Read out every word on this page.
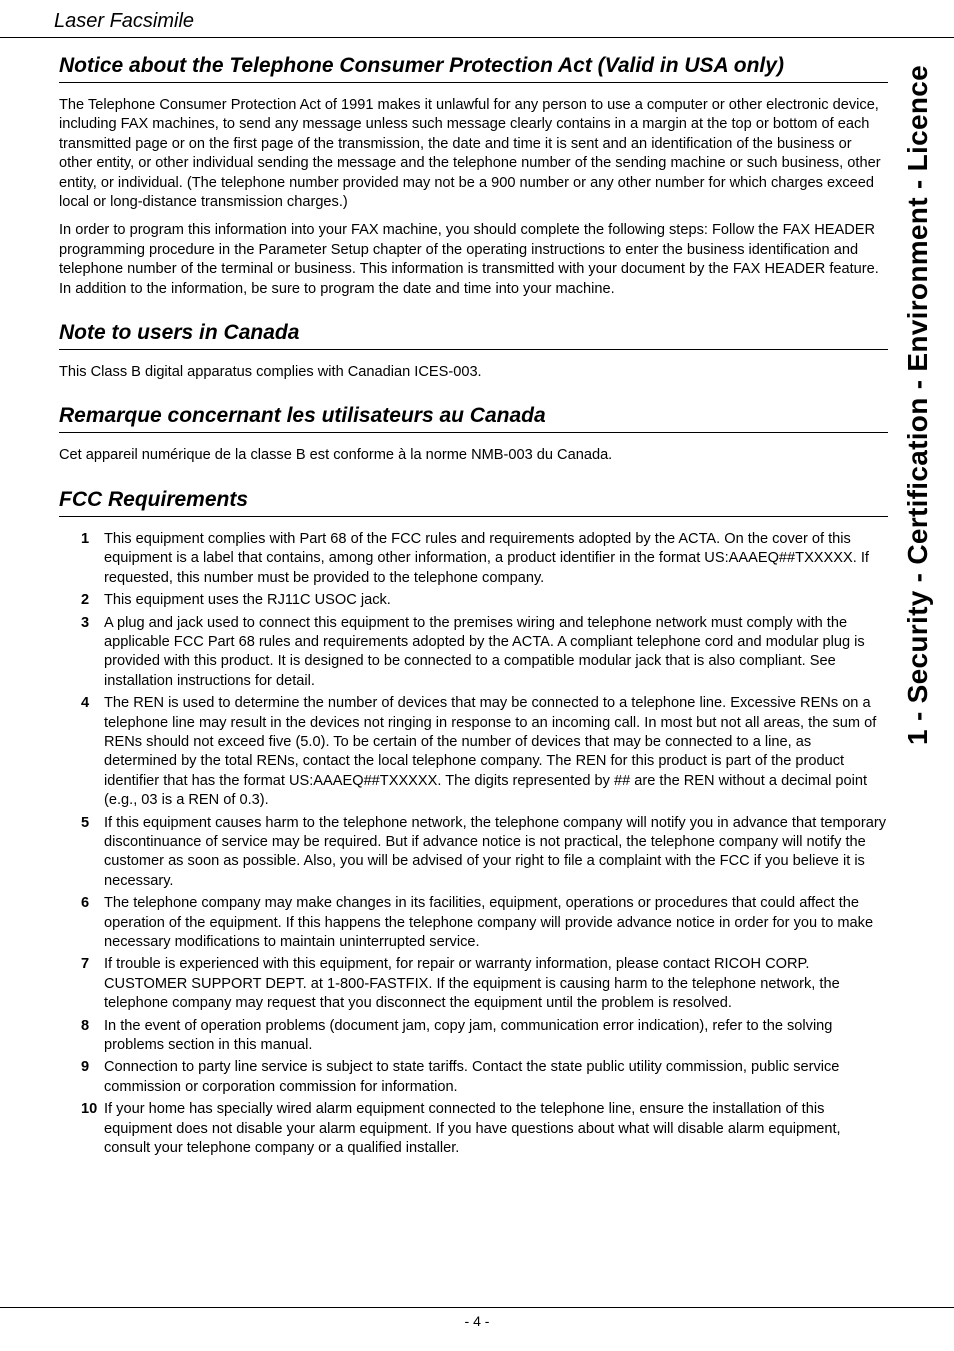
Laser Facsimile
1 - Security - Certification - Environment - Licence
Notice about the Telephone Consumer Protection Act (Valid in USA only)

The Telephone Consumer Protection Act of 1991 makes it unlawful for any person to use a computer or other electronic device, including FAX machines, to send any message unless such message clearly contains in a margin at the top or bottom of each transmitted page or on the first page of the transmission, the date and time it is sent and an identification of the business or other entity, or other individual sending the message and the telephone number of the sending machine or such business, other entity, or individual. (The telephone number provided may not be a 900 number or any other number for which charges exceed local or long-distance transmission charges.)

In order to program this information into your FAX machine, you should complete the following steps: Follow the FAX HEADER programming procedure in the Parameter Setup chapter of the operating instructions to enter the business identification and telephone number of the terminal or business. This information is transmitted with your document by the FAX HEADER feature. In addition to the information, be sure to program the date and time into your machine.

Note to users in Canada

This Class B digital apparatus complies with Canadian ICES-003.

Remarque concernant les utilisateurs au Canada

Cet appareil numérique de la classe B est conforme à la norme NMB-003 du Canada.

FCC Requirements
1	This equipment complies with Part 68 of the FCC rules and requirements adopted by the ACTA. On the cover of this equipment is a label that contains, among other information, a product identifier in the format US:AAAEQ##TXXXXX. If requested, this number must be provided to the telephone company.
2	This equipment uses the RJ11C USOC jack.
3	A plug and jack used to connect this equipment to the premises wiring and telephone network must comply with the applicable FCC Part 68 rules and requirements adopted by the ACTA. A compliant telephone cord and modular plug is provided with this product. It is designed to be connected to a compatible modular jack that is also compliant. See installation instructions for detail.
4	The REN is used to determine the number of devices that may be connected to a telephone line. Excessive RENs on a telephone line may result in the devices not ringing in response to an incoming call. In most but not all areas, the sum of RENs should not exceed five (5.0). To be certain of the number of devices that may be connected to a line, as determined by the total RENs, contact the local telephone company. The REN for this product is part of the product identifier that has the format US:AAAEQ##TXXXXX. The digits represented by ## are the REN without a decimal point (e.g., 03 is a REN of 0.3).
5	If this equipment causes harm to the telephone network, the telephone company will notify you in advance that temporary discontinuance of service may be required. But if advance notice is not practical, the telephone company will notify the customer as soon as possible. Also, you will be advised of your right to file a complaint with the FCC if you believe it is necessary.
6	The telephone company may make changes in its facilities, equipment, operations or procedures that could affect the operation of the equipment. If this happens the telephone company will provide advance notice in order for you to make necessary modifications to maintain uninterrupted service.
7	If trouble is experienced with this equipment, for repair or warranty information, please contact RICOH CORP. CUSTOMER SUPPORT DEPT. at 1-800-FASTFIX. If the equipment is causing harm to the telephone network, the telephone company may request that you disconnect the equipment until the problem is resolved.
8	In the event of operation problems (document jam, copy jam, communication error indication), refer to the solving problems section in this manual.
9	Connection to party line service is subject to state tariffs. Contact the state public utility commission, public service commission or corporation commission for information.
10 If your home has specially wired alarm equipment connected to the telephone line, ensure the installation of this equipment does not disable your alarm equipment. If you have questions about what will disable alarm equipment, consult your telephone company or a qualified installer.
- 4 -
